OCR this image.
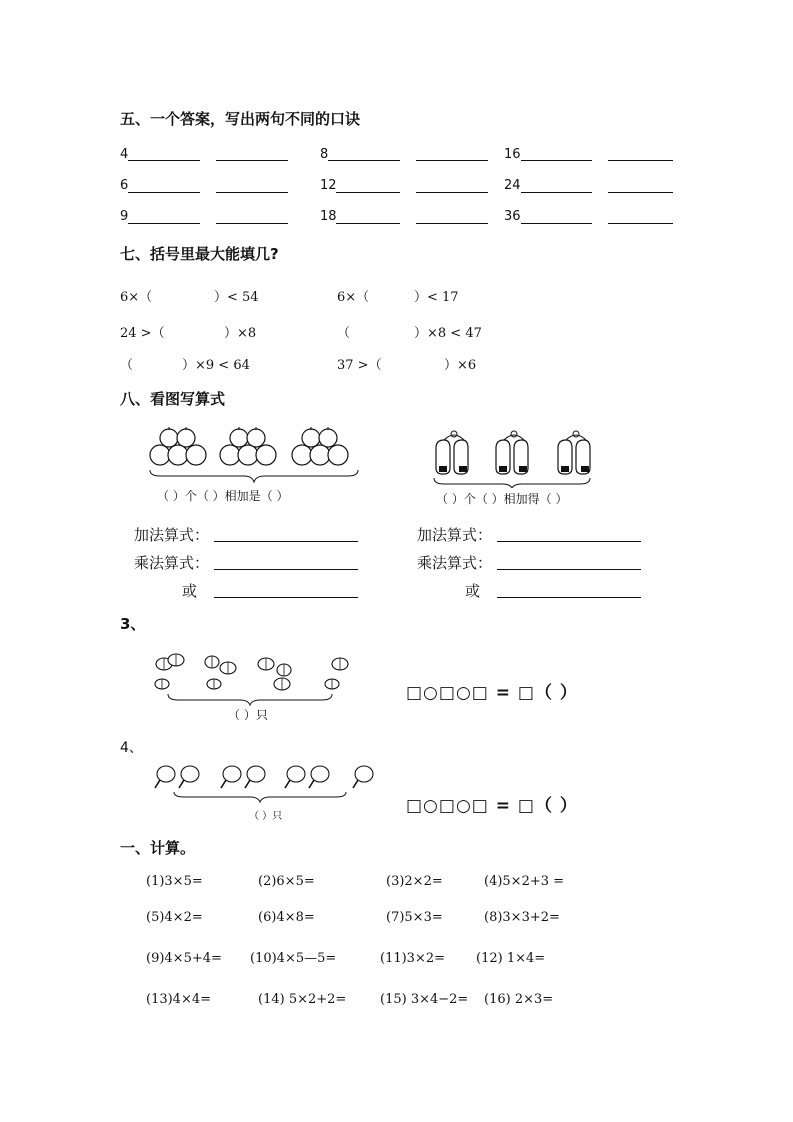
五、一个答案，写出两句不同的口诀
4	8	16
6	12	24
9	18	36
七、括号里最大能填几?
6×（	）< 54	6×（	）< 17
24 >（	）×8	（	）×8 < 47
（	）×9 < 64	37 >（	）×6
八、看图写算式
（ ）个（ ）相加是（ ）	（ ）个（ ）相加得（ ）
加法算式：
乘法算式：
或
加法算式：
乘法算式：
或
3、
（ ）只
□○□○□ = □（ ）
4、
（ ）只
□○□○□ = □（ ）
一、计算。
(1)3×5=	(2)6×5=	(3)2×2=	(4)5×2+3 =
(5)4×2=	(6)4×8=	(7)5×3=	(8)3×3+2=
(9)4×5+4= (10)4×5—5=	(11)3×2= (12) 1×4=
(13)4×4=	(14) 5×2+2=	(15) 3×4−2= (16) 2×3=
